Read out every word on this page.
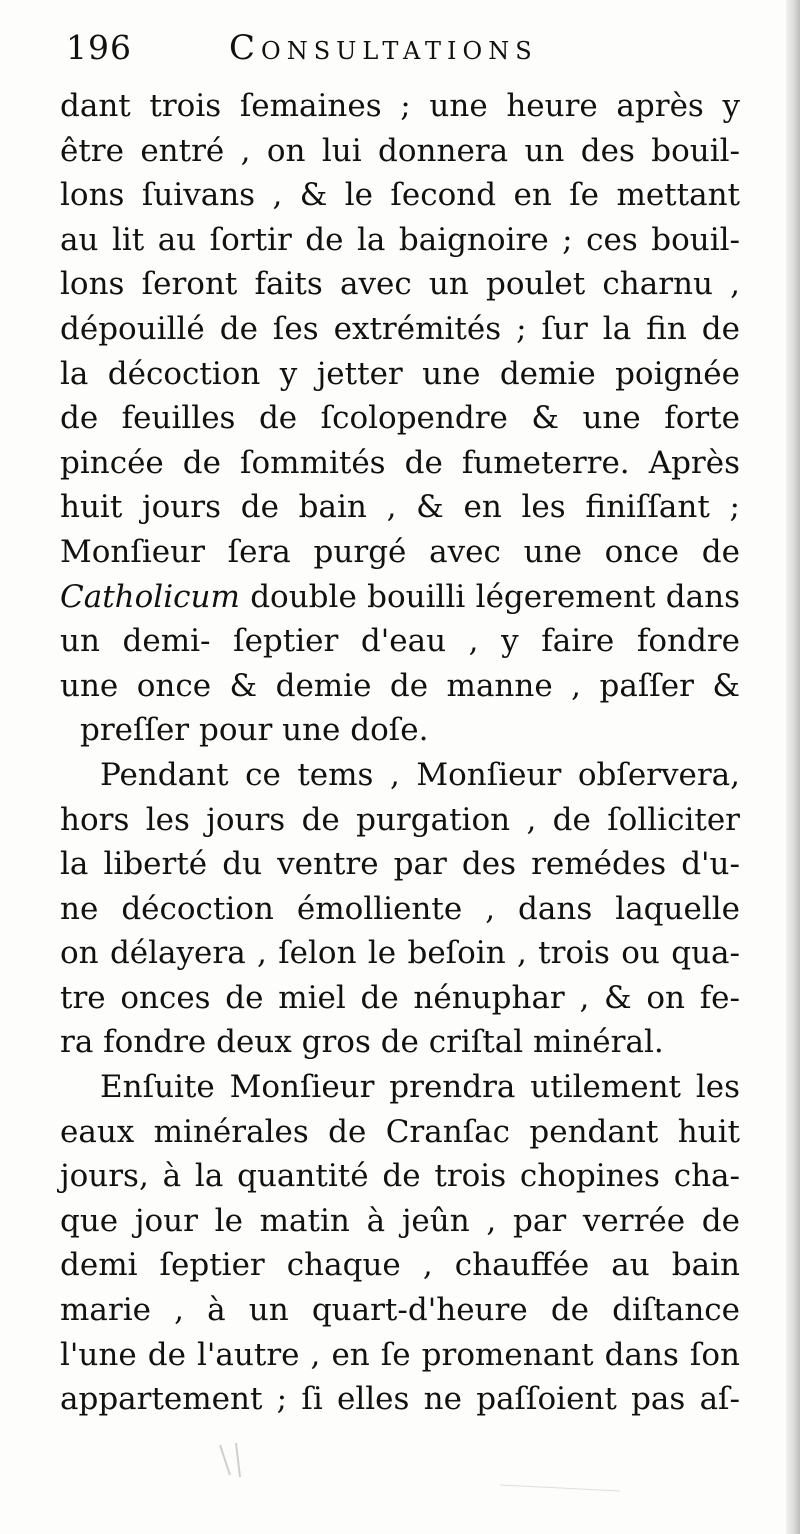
196	Consultations
dant trois ſemaines ; une heure après y
être entré , on lui donnera un des bouil-
lons ſuivans , & le ſecond en ſe mettant
au lit au ſortir de la baignoire ; ces bouil-
lons ſeront faits avec un poulet charnu ,
dépouillé de ſes extrémités ; ſur la fin de
la décoction y jetter une demie poignée
de feuilles de ſcolopendre & une forte
pincée de ſommités de fumeterre. Après
huit jours de bain , & en les finiſſant ;
Monſieur ſera purgé avec une once de
Catholicum double bouilli légerement dans
un demi- ſeptier d'eau , y faire fondre
une once & demie de manne , paſſer &
preſſer pour une doſe.
Pendant ce tems , Monſieur obſervera,
hors les jours de purgation , de ſolliciter
la liberté du ventre par des remédes d'u-
ne décoction émolliente , dans laquelle
on délayera , ſelon le beſoin , trois ou qua-
tre onces de miel de nénuphar , & on fe-
ra fondre deux gros de criſtal minéral.
Enſuite Monſieur prendra utilement les
eaux minérales de Cranſac pendant huit
jours, à la quantité de trois chopines cha-
que jour le matin à jeûn , par verrée de
demi ſeptier chaque , chauffée au bain
marie , à un quart-d'heure de diſtance
l'une de l'autre , en ſe promenant dans ſon
appartement ; ſi elles ne paſſoient pas aſ-
